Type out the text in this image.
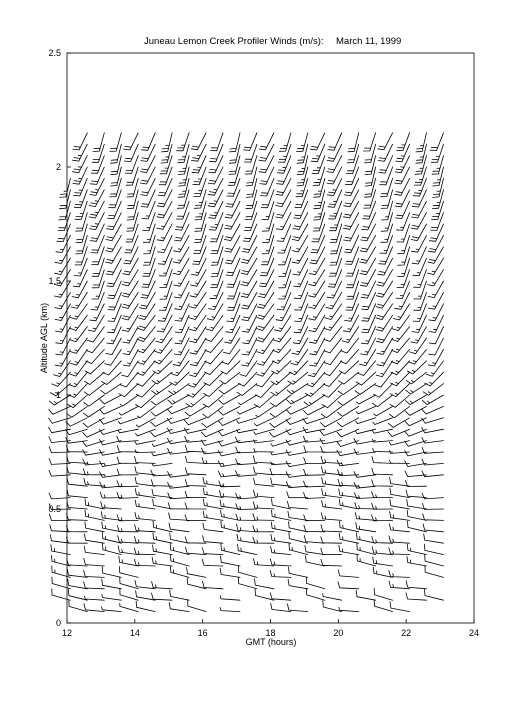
Juneau Lemon Creek Profiler Winds (m/s): March 11, 1999
12	14	16	18	20	22	24
0
0.5
1
1.5
2
2.5
GMT (hours)
Altitude AGL (km)
